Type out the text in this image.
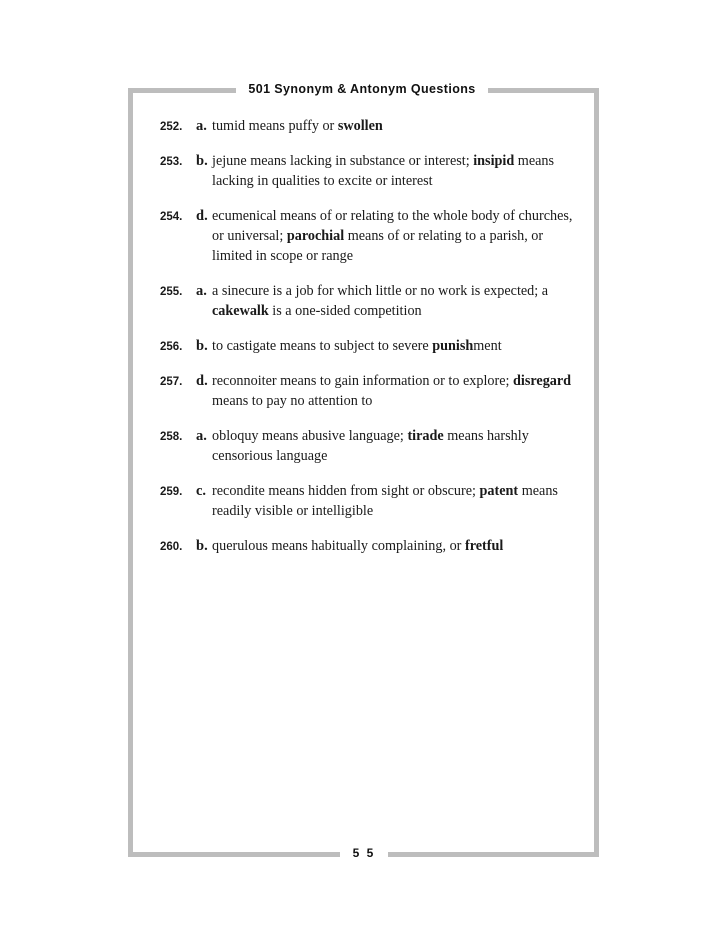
501 Synonym & Antonym Questions
252. a. tumid means puffy or swollen
253. b. jejune means lacking in substance or interest; insipid means lacking in qualities to excite or interest
254. d. ecumenical means of or relating to the whole body of churches, or universal; parochial means of or relating to a parish, or limited in scope or range
255. a. a sinecure is a job for which little or no work is expected; a cakewalk is a one-sided competition
256. b. to castigate means to subject to severe punishment
257. d. reconnoiter means to gain information or to explore; disregard means to pay no attention to
258. a. obloquy means abusive language; tirade means harshly censorious language
259. c. recondite means hidden from sight or obscure; patent means readily visible or intelligible
260. b. querulous means habitually complaining, or fretful
5 5
